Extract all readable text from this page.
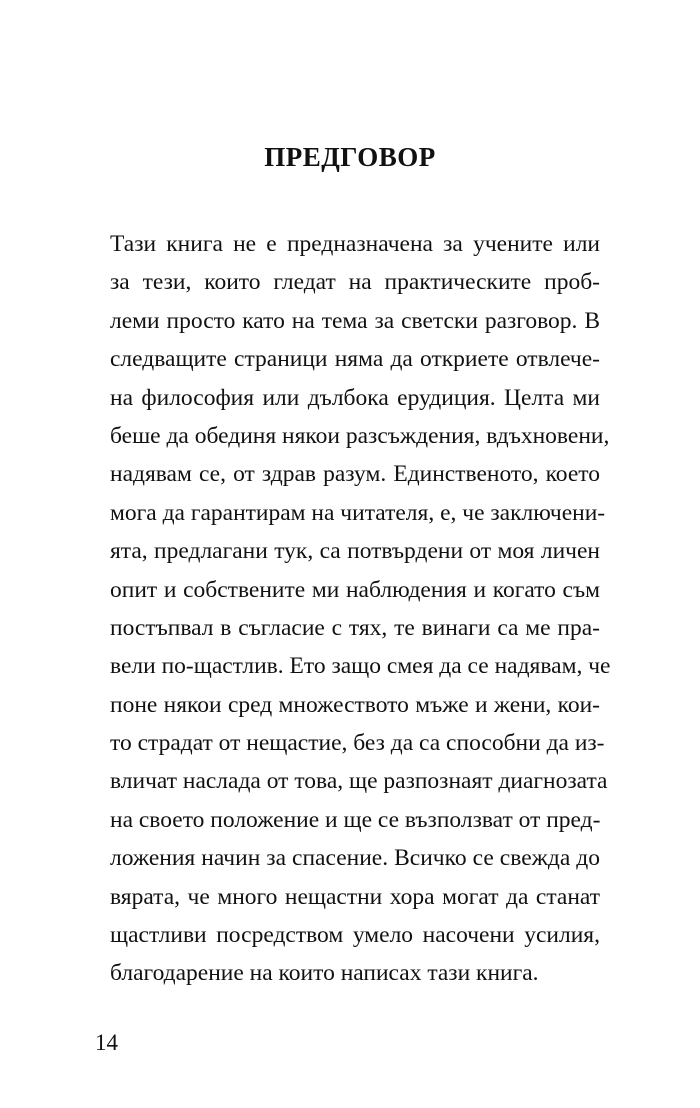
ПРЕДГОВОР
Тази книга не е предназначена за учените или
за тези, които гледат на практическите проб-
леми просто като на тема за светски разговор. В
следващите страници няма да откриете отвлече-
на философия или дълбока ерудиция. Целта ми
беше да обединя някои разсъждения, вдъхновени,
надявам се, от здрав разум. Единственото, което
мога да гарантирам на читателя, е, че заключени-
ята, предлагани тук, са потвърдени от моя личен
опит и собствените ми наблюдения и когато съм
постъпвал в съгласие с тях, те винаги са ме пра-
вели по-щастлив. Ето защо смея да се надявам, че
поне някои сред множеството мъже и жени, кои-
то страдат от нещастие, без да са способни да из-
вличат наслада от това, ще разпознаят диагнозата
на своето положение и ще се възползват от пред-
ложения начин за спасение. Всичко се свежда до
вярата, че много нещастни хора могат да станат
щастливи посредством умело насочени усилия,
благодарение на които написах тази книга.
14
